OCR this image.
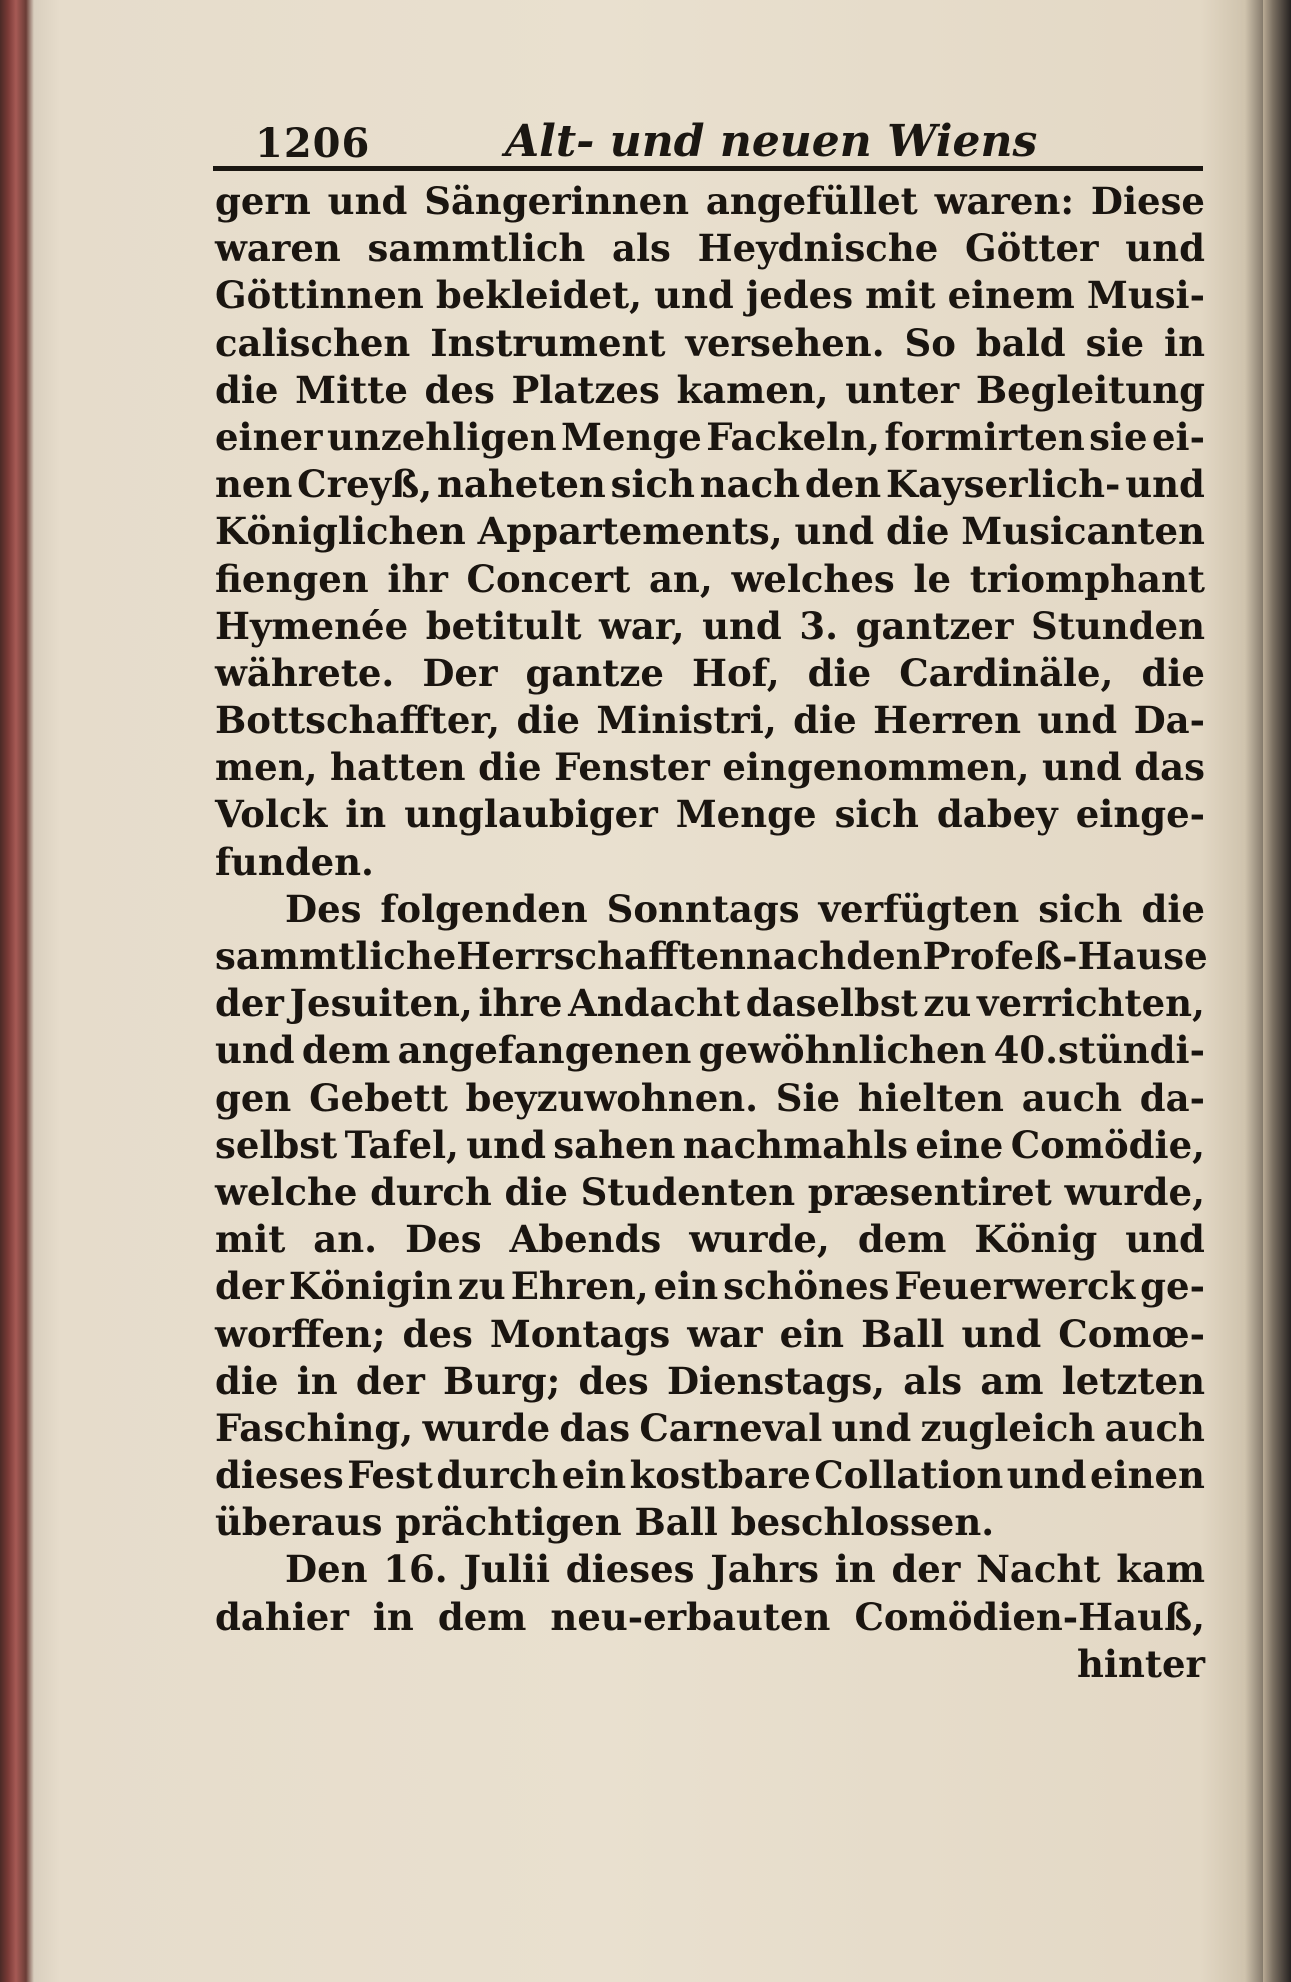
1206	Alt- und neuen Wiens
gern und Sängerinnen angefüllet waren: Diese
waren sammtlich als Heydnische Götter und
Göttinnen bekleidet, und jedes mit einem Musi-
calischen Instrument versehen. So bald sie in
die Mitte des Platzes kamen, unter Begleitung
einer unzehligen Menge Fackeln, formirten sie ei-
nen Creyß, naheten sich nach den Kayserlich- und
Königlichen Appartements, und die Musicanten
fiengen ihr Concert an, welches le triomphant
Hymenée betitult war, und 3. gantzer Stunden
währete. Der gantze Hof, die Cardinäle, die
Bottschaffter, die Ministri, die Herren und Da-
men, hatten die Fenster eingenommen, und das
Volck in unglaubiger Menge sich dabey einge-
funden.
Des folgenden Sonntags verfügten sich die
sammtliche Herrschafften nach den Profeß-Hause
der Jesuiten, ihre Andacht daselbst zu verrichten,
und dem angefangenen gewöhnlichen 40.stündi-
gen Gebett beyzuwohnen. Sie hielten auch da-
selbst Tafel, und sahen nachmahls eine Comödie,
welche durch die Studenten præsentiret wurde,
mit an. Des Abends wurde, dem König und
der Königin zu Ehren, ein schönes Feuerwerck ge-
worffen; des Montags war ein Ball und Comœ-
die in der Burg; des Dienstags, als am letzten
Fasching, wurde das Carneval und zugleich auch
dieses Fest durch ein kostbare Collation und einen
überaus prächtigen Ball beschlossen.
Den 16. Julii dieses Jahrs in der Nacht kam
dahier in dem neu-erbauten Comödien-Hauß,
hinter
